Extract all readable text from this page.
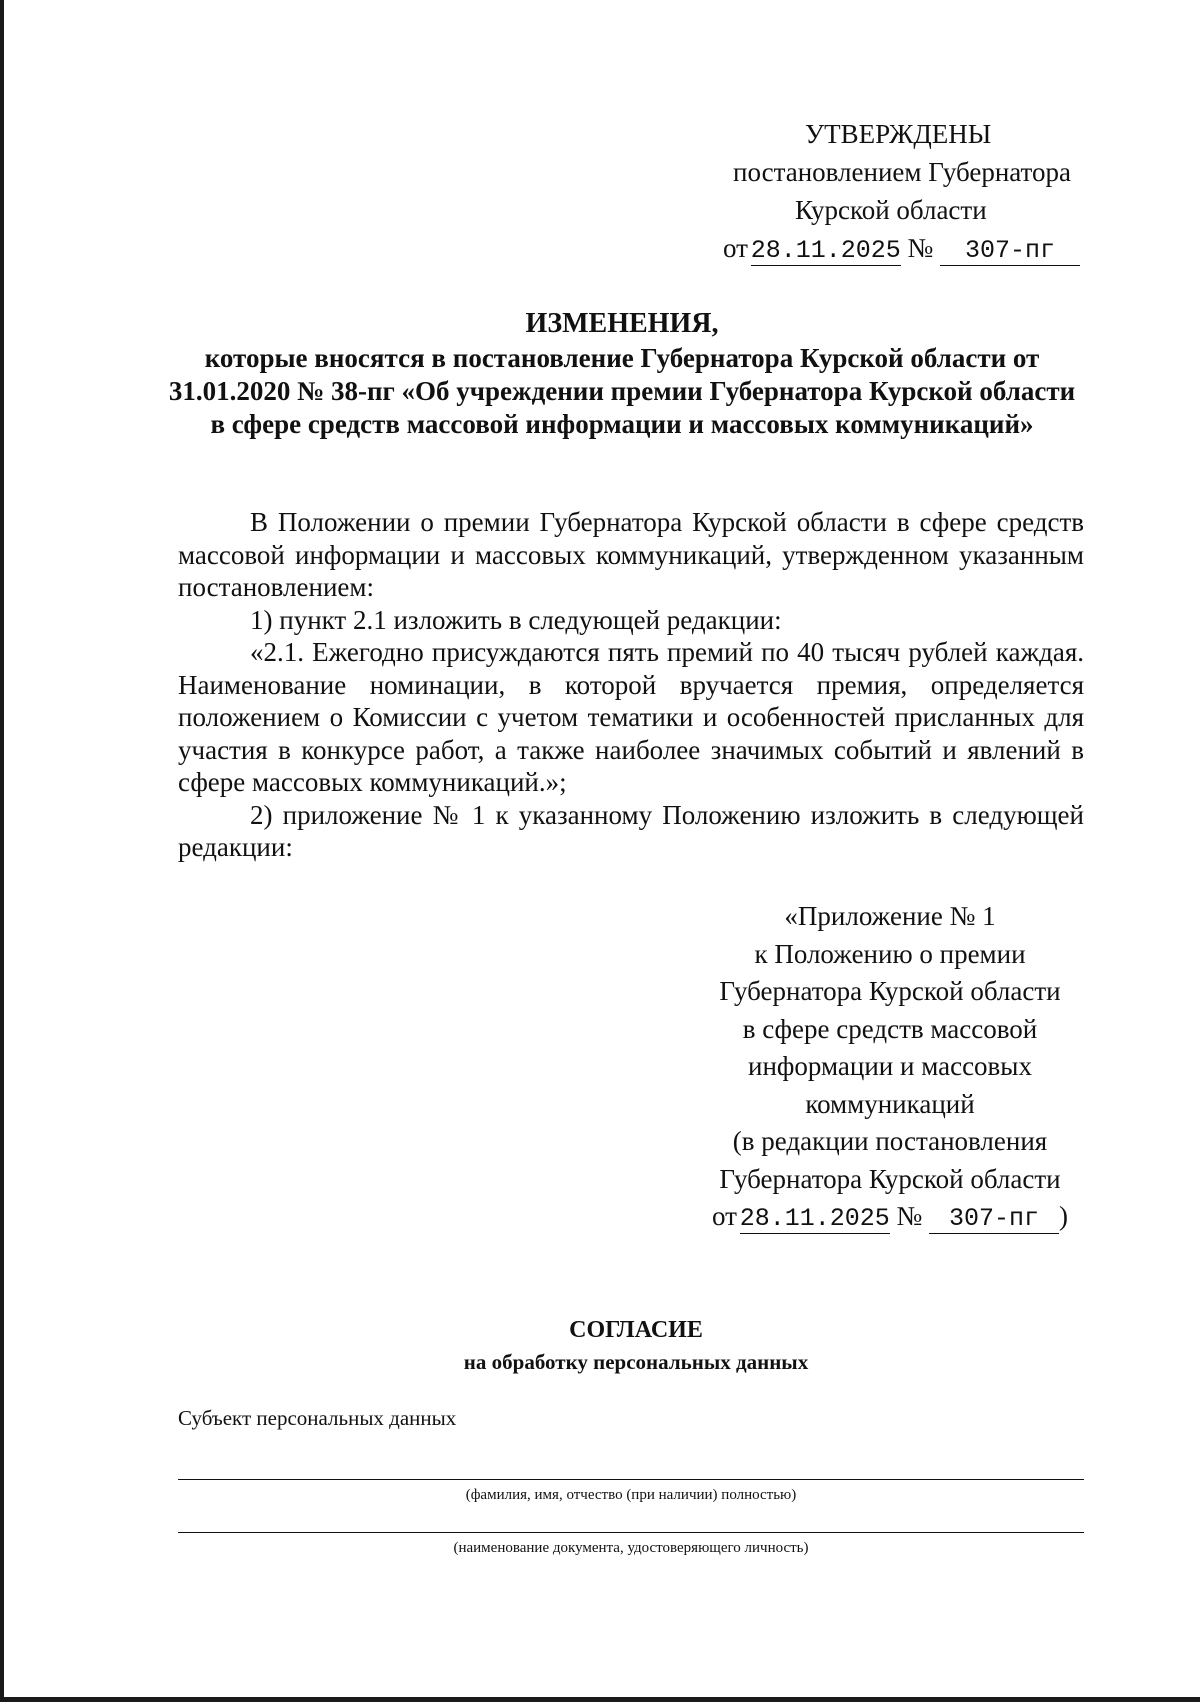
УТВЕРЖДЕНЫ
постановлением Губернатора
Курской области
от 28.11.2025 № 307-пг
ИЗМЕНЕНИЯ,
которые вносятся в постановление Губернатора Курской области от 31.01.2020 № 38-пг «Об учреждении премии Губернатора Курской области в сфере средств массовой информации и массовых коммуникаций»

В Положении о премии Губернатора Курской области в сфере средств массовой информации и массовых коммуникаций, утвержденном указанным постановлением:

1) пункт 2.1 изложить в следующей редакции:

«2.1. Ежегодно присуждаются пять премий по 40 тысяч рублей каждая. Наименование номинации, в которой вручается премия, определяется положением о Комиссии с учетом тематики и особенностей присланных для участия в конкурсе работ, а также наиболее значимых событий и явлений в сфере массовых коммуникаций.»;

2) приложение № 1 к указанному Положению изложить в следующей редакции:

«Приложение № 1
к Положению о премии
Губернатора Курской области
в сфере средств массовой
информации и массовых
коммуникаций
(в редакции постановления
Губернатора Курской области
от 28.11.2025 № 307-пг )
СОГЛАСИЕ
на обработку персональных данных
Субъект персональных данных
(фамилия, имя, отчество (при наличии) полностью)
(наименование документа, удостоверяющего личность)
